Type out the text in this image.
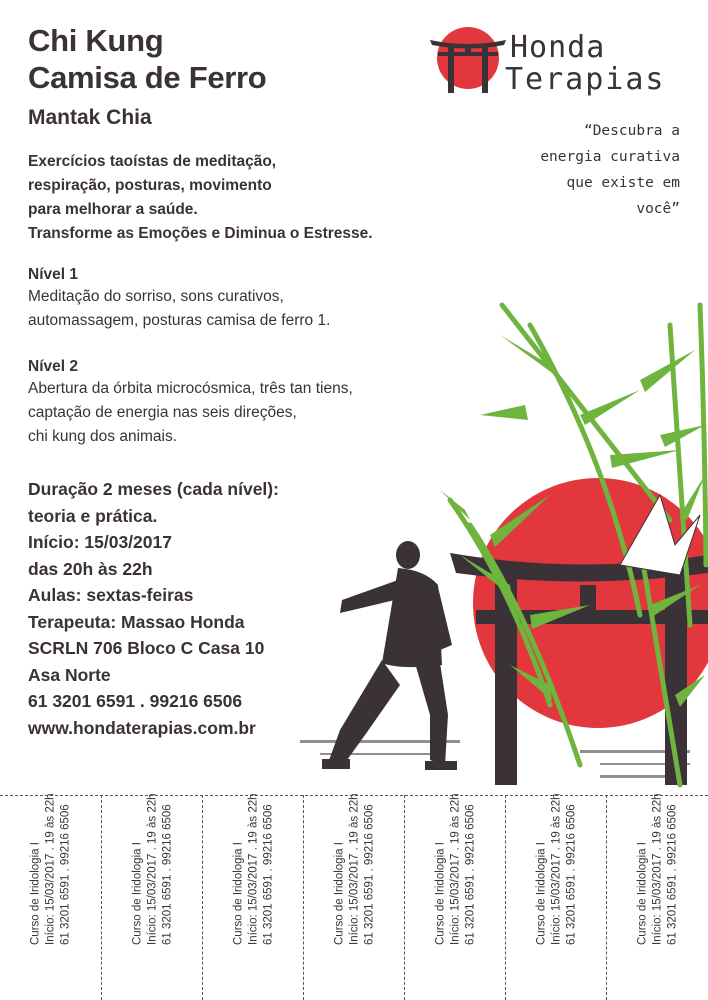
Chi Kung
Camisa de Ferro
Mantak Chia
Exercícios taoístas de meditação,
respiração, posturas, movimento
para melhorar a saúde.
Transforme as Emoções e Diminua o Estresse.
Nível 1
Meditação do sorriso, sons curativos,
automassagem, posturas camisa de ferro 1.
Nível 2
Abertura da órbita microcósmica, três tan tiens,
captação de energia nas seis direções,
chi kung dos animais.
Duração 2 meses (cada nível):
teoria e prática.
Início: 15/03/2017
das 20h às 22h
Aulas: sextas-feiras
Terapeuta: Massao Honda
SCRLN 706 Bloco C Casa 10
Asa Norte
61 3201 6591 . 99216 6506
www.hondaterapias.com.br
Honda
Terapias
“Descubra a
energia curativa
que existe em
você”
Curso de Iridologia I Início: 15/03/2017 . 19 às 22h 61 3201 6591 . 99216 6506	Curso de Iridologia I Início: 15/03/2017 . 19 às 22h 61 3201 6591 . 99216 6506	Curso de Iridologia I Início: 15/03/2017 . 19 às 22h 61 3201 6591 . 99216 6506	Curso de Iridologia I Início: 15/03/2017 . 19 às 22h 61 3201 6591 . 99216 6506	Curso de Iridologia I Início: 15/03/2017 . 19 às 22h 61 3201 6591 . 99216 6506	Curso de Iridologia I Início: 15/03/2017 . 19 às 22h 61 3201 6591 . 99216 6506	Curso de Iridologia I Início: 15/03/2017 . 19 às 22h 61 3201 6591 . 99216 6506
